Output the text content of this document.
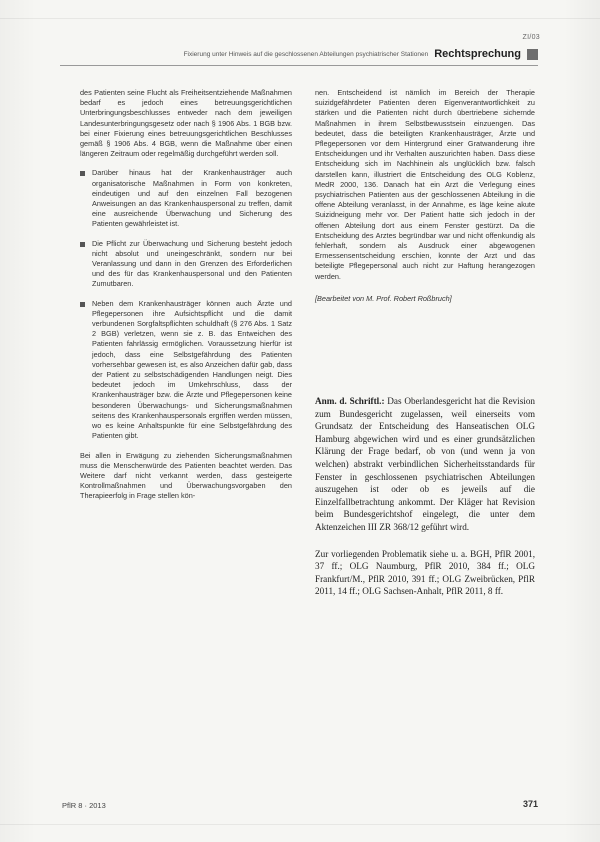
ZI/03
Fixierung unter Hinweis auf die geschlossenen Abteilungen psychiatrischer Stationen Rechtsprechung

des Patienten seine Flucht als Freiheitsentziehende Maßnahmen bedarf es jedoch eines betreuungsgerichtlichen Unterbringungsbeschlusses entweder nach dem jeweiligen Landesunterbringungsgesetz oder nach § 1906 Abs. 1 BGB bzw. bei einer Fixierung eines betreuungsgerichtlichen Beschlusses gemäß § 1906 Abs. 4 BGB, wenn die Maßnahme über einen längeren Zeitraum oder regelmäßig durchgeführt werden soll.

Darüber hinaus hat der Krankenhausträger auch organisatorische Maßnahmen in Form von konkreten, eindeutigen und auf den einzelnen Fall bezogenen Anweisungen an das Krankenhauspersonal zu treffen, damit eine ausreichende Überwachung und Sicherung des Patienten gewährleistet ist.

Die Pflicht zur Überwachung und Sicherung besteht jedoch nicht absolut und uneingeschränkt, sondern nur bei Veranlassung und dann in den Grenzen des Erforderlichen und des für das Krankenhauspersonal und den Patienten Zumutbaren.

Neben dem Krankenhausträger können auch Ärzte und Pflegepersonen ihre Aufsichtspflicht und die damit verbundenen Sorgfaltspflichten schuldhaft (§ 276 Abs. 1 Satz 2 BGB) verletzen, wenn sie z. B. das Entweichen des Patienten fahrlässig ermöglichen. Voraussetzung hierfür ist jedoch, dass eine Selbstgefährdung des Patienten vorhersehbar gewesen ist, es also Anzeichen dafür gab, dass der Patient zu selbstschädigenden Handlungen neigt. Dies bedeutet jedoch im Umkehrschluss, dass der Krankenhausträger bzw. die Ärzte und Pflegepersonen keine besonderen Überwachungs- und Sicherungsmaßnahmen seitens des Krankenhauspersonals ergriffen werden müssen, wo es keine Anhaltspunkte für eine Selbstgefährdung des Patienten gibt.

Bei allen in Erwägung zu ziehenden Sicherungsmaßnahmen muss die Menschenwürde des Patienten beachtet werden. Das Weitere darf nicht verkannt werden, dass gesteigerte Kontrollmaßnahmen und Überwachungsvorgaben den Therapieerfolg in Frage stellen kön-

nen. Entscheidend ist nämlich im Bereich der Therapie suizidgefährdeter Patienten deren Eigenverantwortlichkeit zu stärken und die Patienten nicht durch übertriebene sichernde Maßnahmen in ihrem Selbstbewusstsein einzuengen. Das bedeutet, dass die beteiligten Krankenhausträger, Ärzte und Pflegepersonen vor dem Hintergrund einer Gratwanderung ihre Entscheidungen und ihr Verhalten auszurichten haben. Dass diese Entscheidung sich im Nachhinein als unglücklich bzw. falsch darstellen kann, illustriert die Entscheidung des OLG Koblenz, MedR 2000, 136. Danach hat ein Arzt die Verlegung eines psychiatrischen Patienten aus der geschlossenen Abteilung in die offene Abteilung veranlasst, in der Annahme, es läge keine akute Suizidneigung mehr vor. Der Patient hatte sich jedoch in der offenen Abteilung dort aus einem Fenster gestürzt. Da die Entscheidung des Arztes begründbar war und nicht offenkundig als fehlerhaft, sondern als Ausdruck einer abgewogenen Ermessensentscheidung erschien, konnte der Arzt und das beteiligte Pflegepersonal auch nicht zur Haftung herangezogen werden.

[Bearbeitet von M. Prof. Robert Roßbruch]

Anm. d. Schriftl.: Das Oberlandesgericht hat die Revision zum Bundesgericht zugelassen, weil einerseits vom Grundsatz der Entscheidung des Hanseatischen OLG Hamburg abgewichen wird und es einer grundsätzlichen Klärung der Frage bedarf, ob von (und wenn ja von welchen) abstrakt verbindlichen Sicherheitsstandards für Fenster in geschlossenen psychiatrischen Abteilungen auszugehen ist oder ob es jeweils auf die Einzelfallbetrachtung ankommt. Der Kläger hat Revision beim Bundesgerichtshof eingelegt, die unter dem Aktenzeichen III ZR 368/12 geführt wird.

Zur vorliegenden Problematik siehe u. a. BGH, PflR 2001, 37 ff.; OLG Naumburg, PflR 2010, 384 ff.; OLG Frankfurt/M., PflR 2010, 391 ff.; OLG Zweibrücken, PflR 2011, 14 ff.; OLG Sachsen-Anhalt, PflR 2011, 8 ff.

PflR 8 · 2013	371
